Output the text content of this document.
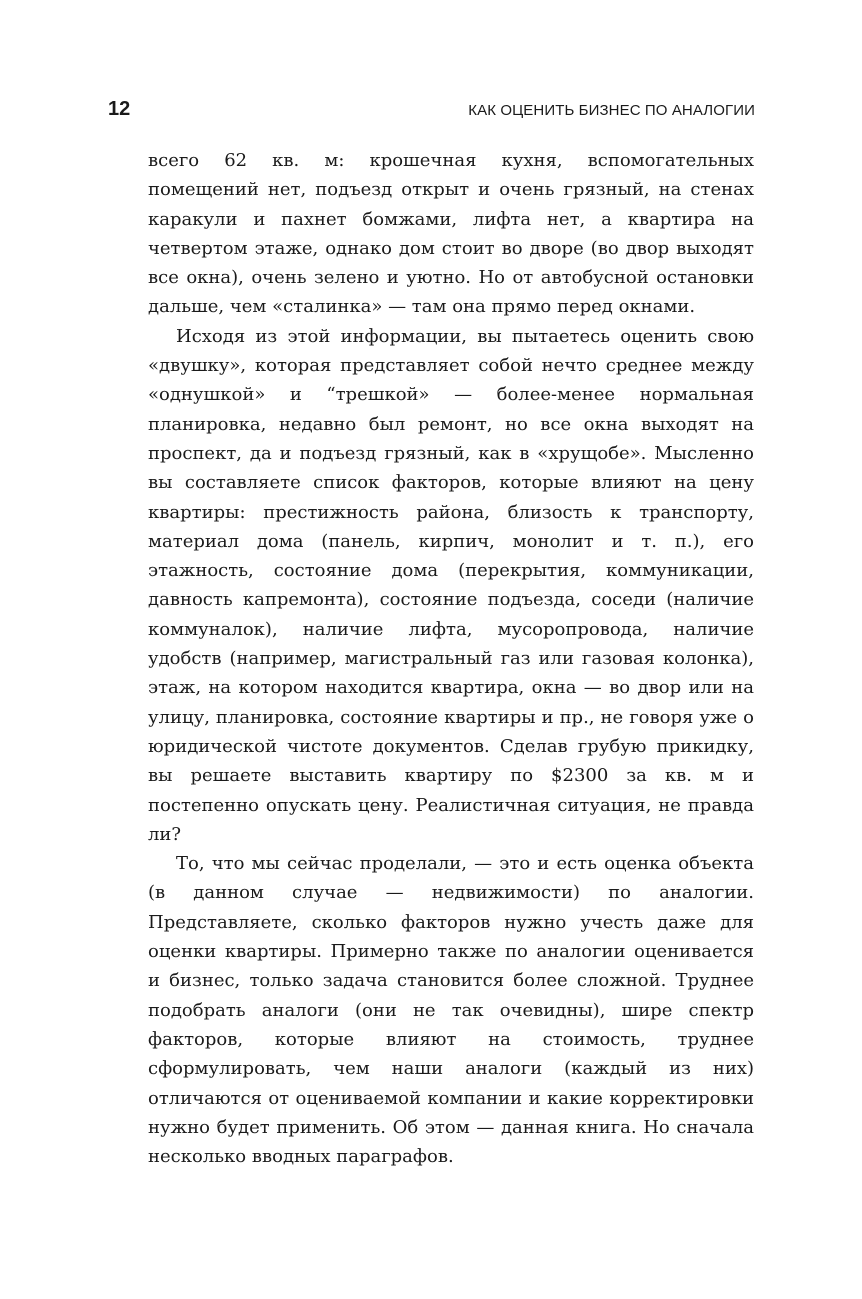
12	КАК ОЦЕНИТЬ БИЗНЕС ПО АНАЛОГИИ

всего 62 кв. м: крошечная кухня, вспомогательных помещений нет, подъезд открыт и очень грязный, на стенах каракули и пахнет бомжами, лифта нет, а квартира на четвертом этаже, однако дом стоит во дворе (во двор выходят все окна), очень зелено и уютно. Но от автобусной остановки дальше, чем «сталинка» — там она прямо перед окнами.

Исходя из этой информации, вы пытаетесь оценить свою «двушку», которая представляет собой нечто среднее между «однушкой» и “трешкой» — более-менее нормальная планировка, недавно был ремонт, но все окна выходят на проспект, да и подъезд грязный, как в «хрущобе». Мысленно вы составляете список факторов, которые влияют на цену квартиры: престижность района, близость к транспорту, материал дома (панель, кирпич, монолит и т. п.), его этажность, состояние дома (перекрытия, коммуникации, давность капремонта), состояние подъезда, соседи (наличие коммуналок), наличие лифта, мусоропровода, наличие удобств (например, магистральный газ или газовая колонка), этаж, на котором находится квартира, окна — во двор или на улицу, планировка, состояние квартиры и пр., не говоря уже о юридической чистоте документов. Сделав грубую прикидку, вы решаете выставить квартиру по $2300 за кв. м и постепенно опускать цену. Реалистичная ситуация, не правда ли?

То, что мы сейчас проделали, — это и есть оценка объекта (в данном случае — недвижимости) по аналогии. Представляете, сколько факторов нужно учесть даже для оценки квартиры. Примерно также по аналогии оценивается и бизнес, только задача становится более сложной. Труднее подобрать аналоги (они не так очевидны), шире спектр факторов, которые влияют на стоимость, труднее сформулировать, чем наши аналоги (каждый из них) отличаются от оцениваемой компании и какие корректировки нужно будет применить. Об этом — данная книга. Но сначала несколько вводных параграфов.
